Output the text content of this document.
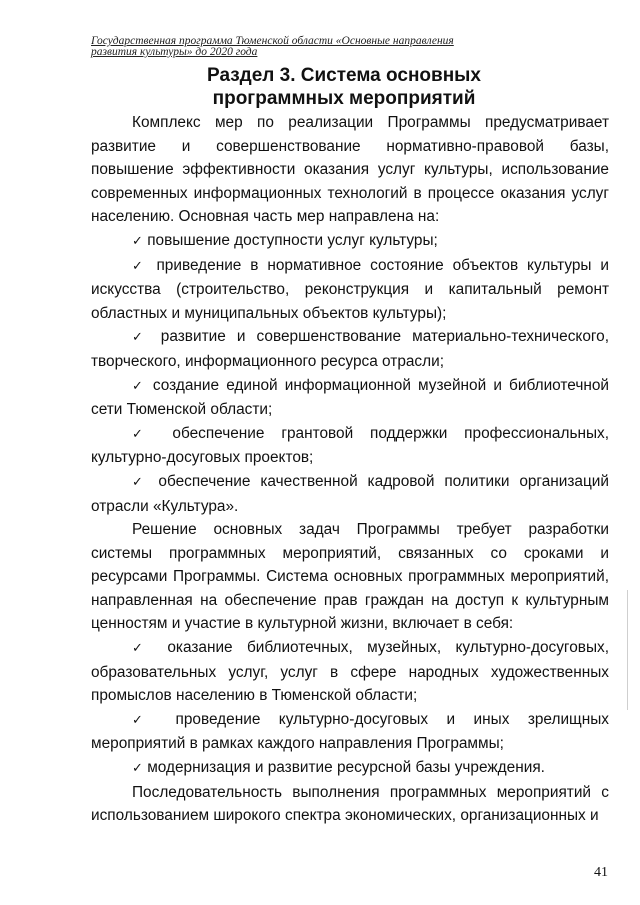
Государственная программа Тюменской области «Основные направления
развития культуры» до 2020 года
Раздел 3. Система основных
программных мероприятий

Комплекс мер по реализации Программы предусматривает развитие и совершенствование нормативно-правовой базы, повышение эффективности оказания услуг культуры, использование современных информационных технологий в процессе оказания услуг населению. Основная часть мер направлена на:

✓ повышение доступности услуг культуры;

✓ приведение в нормативное состояние объектов культуры и искусства (строительство, реконструкция и капитальный ремонт областных и муниципальных объектов культуры);

✓ развитие и совершенствование материально-технического, творческого, информационного ресурса отрасли;

✓ создание единой информационной музейной и библиотечной сети Тюменской области;

✓ обеспечение грантовой поддержки профессиональных, культурно-досуговых проектов;

✓ обеспечение качественной кадровой политики организаций отрасли «Культура».

Решение основных задач Программы требует разработки системы программных мероприятий, связанных со сроками и ресурсами Программы. Система основных программных мероприятий, направленная на обеспечение прав граждан на доступ к культурным ценностям и участие в культурной жизни, включает в себя:

✓ оказание библиотечных, музейных, культурно-досуговых, образовательных услуг, услуг в сфере народных художественных промыслов населению в Тюменской области;

✓ проведение культурно-досуговых и иных зрелищных мероприятий в рамках каждого направления Программы;

✓ модернизация и развитие ресурсной базы учреждения.

Последовательность выполнения программных мероприятий с использованием широкого спектра экономических, организационных и

41
